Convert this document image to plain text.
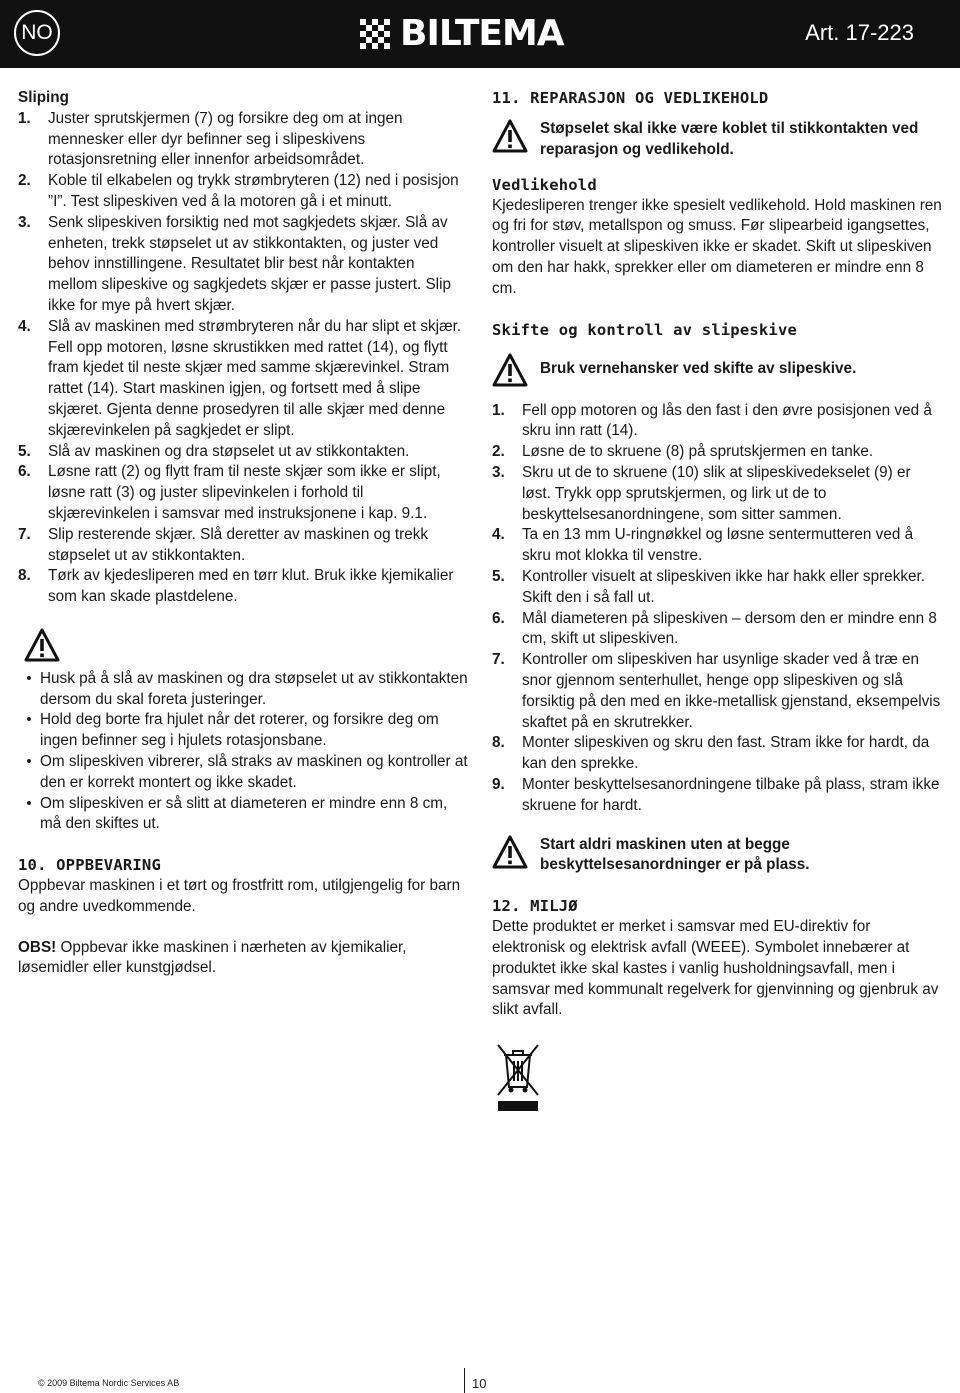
NO	BILTEMA	Art. 17-223
Sliping
1.	Juster sprutskjermen (7) og forsikre deg om at ingen mennesker eller dyr befinner seg i slipeskivens rotasjonsretning eller innenfor arbeidsområdet.
2.	Koble til elkabelen og trykk strømbryteren (12) ned i posisjon ”I”. Test slipeskiven ved å la motoren gå i et minutt.
3.	Senk slipeskiven forsiktig ned mot sagkjedets skjær. Slå av enheten, trekk støpselet ut av stikkontakten, og juster ved behov innstillingene. Resultatet blir best når kontakten mellom slipeskive og sagkjedets skjær er passe justert. Slip ikke for mye på hvert skjær.
4.	Slå av maskinen med strømbryteren når du har slipt et skjær. Fell opp motoren, løsne skrustikken med rattet (14), og flytt fram kjedet til neste skjær med samme skjærevinkel. Stram rattet (14). Start maskinen igjen, og fortsett med å slipe skjæret. Gjenta denne prosedyren til alle skjær med denne skjærevinkelen på sagkjedet er slipt.
5.	Slå av maskinen og dra støpselet ut av stikkontakten.
6.	Løsne ratt (2) og flytt fram til neste skjær som ikke er slipt, løsne ratt (3) og juster slipevinkelen i forhold til skjærevinkelen i samsvar med instruksjonene i kap. 9.1.
7.	Slip resterende skjær. Slå deretter av maskinen og trekk støpselet ut av stikkontakten.
8.	Tørk av kjedesliperen med en tørr klut. Bruk ikke kjemikalier som kan skade plastdelene.
• Husk på å slå av maskinen og dra støpselet ut av stikkontakten dersom du skal foreta justeringer.
• Hold deg borte fra hjulet når det roterer, og forsikre deg om ingen befinner seg i hjulets rotasjonsbane.
• Om slipeskiven vibrerer, slå straks av maskinen og kontroller at den er korrekt montert og ikke skadet.
• Om slipeskiven er så slitt at diameteren er mindre enn 8 cm, må den skiftes ut.
10. OPPBEVARING
Oppbevar maskinen i et tørt og frostfritt rom, utilgjengelig for barn og andre uvedkommende.
OBS! Oppbevar ikke maskinen i nærheten av kjemikalier, løsemidler eller kunstgjødsel.
11. REPARASJON OG VEDLIKEHOLD
Støpselet skal ikke være koblet til stikkontakten ved reparasjon og vedlikehold.
Vedlikehold
Kjedesliperen trenger ikke spesielt vedlikehold. Hold maskinen ren og fri for støv, metallspon og smuss. Før slipearbeid igangsettes, kontroller visuelt at slipeskiven ikke er skadet. Skift ut slipeskiven om den har hakk, sprekker eller om diameteren er mindre enn 8 cm.
Skifte og kontroll av slipeskive
Bruk vernehansker ved skifte av slipeskive.
1.	Fell opp motoren og lås den fast i den øvre posisjonen ved å skru inn ratt (14).
2.	Løsne de to skruene (8) på sprutskjermen en tanke.
3.	Skru ut de to skruene (10) slik at slipeskivedekselet (9) er løst. Trykk opp sprutskjermen, og lirk ut de to beskyttelsesanordningene, som sitter sammen.
4.	Ta en 13 mm U-ringnøkkel og løsne sentermutteren ved å skru mot klokka til venstre.
5.	Kontroller visuelt at slipeskiven ikke har hakk eller sprekker. Skift den i så fall ut.
6.	Mål diameteren på slipeskiven – dersom den er mindre enn 8 cm, skift ut slipeskiven.
7.	Kontroller om slipeskiven har usynlige skader ved å træ en snor gjennom senterhullet, henge opp slipeskiven og slå forsiktig på den med en ikke-metallisk gjenstand, eksempelvis skaftet på en skrutrekker.
8.	Monter slipeskiven og skru den fast. Stram ikke for hardt, da kan den sprekke.
9.	Monter beskyttelsesanordningene tilbake på plass, stram ikke skruene for hardt.
Start aldri maskinen uten at begge beskyttelsesanordninger er på plass.
12. MILJØ
Dette produktet er merket i samsvar med EU-direktiv for elektronisk og elektrisk avfall (WEEE). Symbolet innebærer at produktet ikke skal kastes i vanlig husholdningsavfall, men i samsvar med kommunalt regelverk for gjenvinning og gjenbruk av slikt avfall.
© 2009 Biltema Nordic Services AB	10
